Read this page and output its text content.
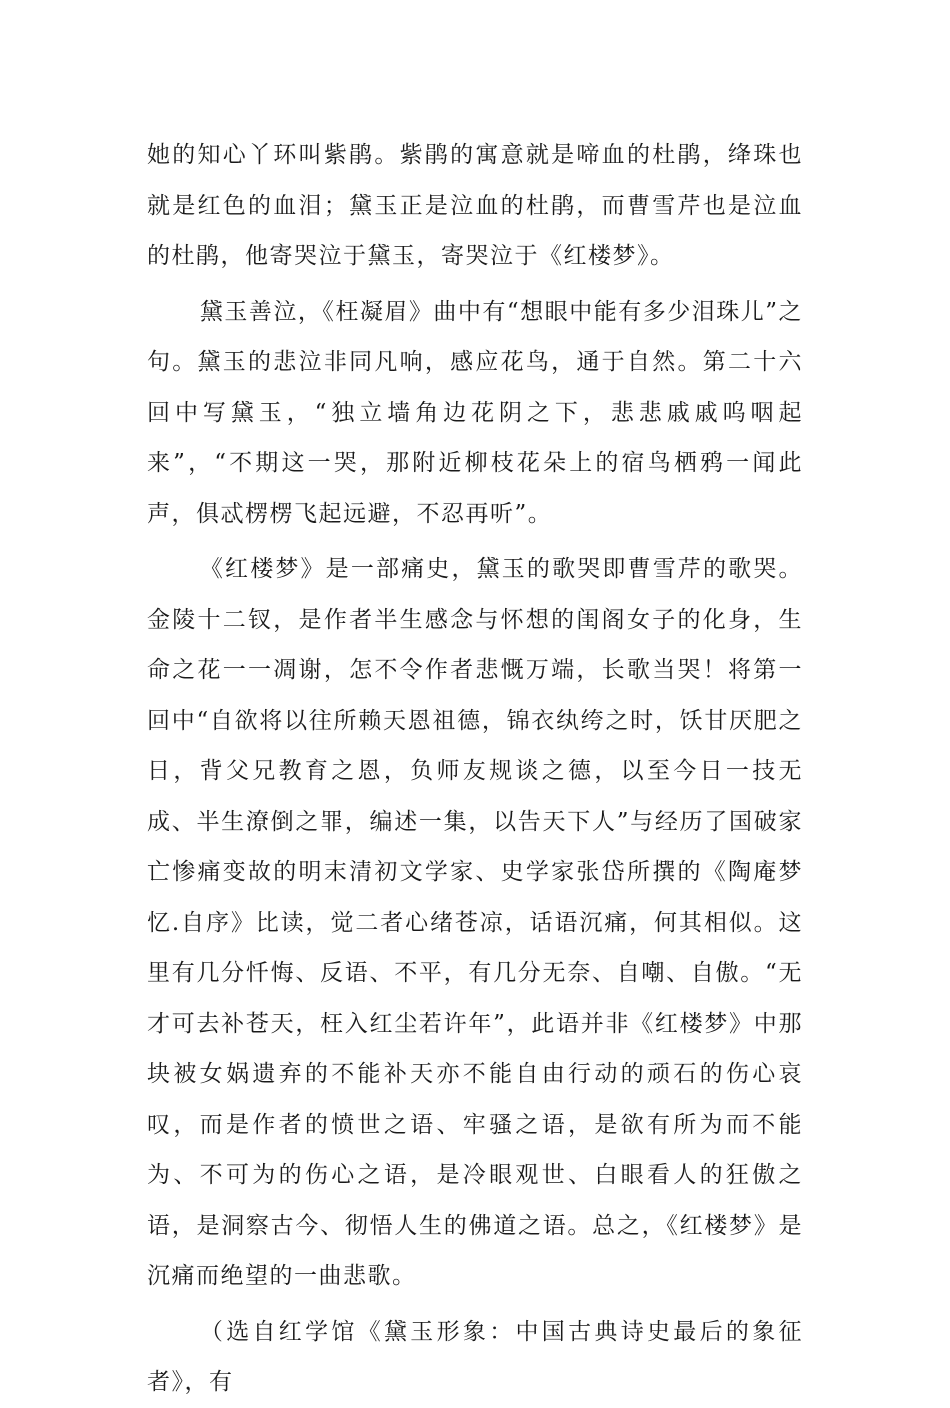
她的知心丫环叫紫鹃。紫鹃的寓意就是啼血的杜鹃，绛珠也就是红色的血泪；黛玉正是泣血的杜鹃，而曹雪芹也是泣血的杜鹃，他寄哭泣于黛玉，寄哭泣于《红楼梦》。

黛玉善泣，《枉凝眉》曲中有“想眼中能有多少泪珠儿”之句。黛玉的悲泣非同凡响，感应花鸟，通于自然。第二十六回中写黛玉，“独立墙角边花阴之下，悲悲戚戚呜咽起来”，“不期这一哭，那附近柳枝花朵上的宿鸟栖鸦一闻此声，俱忒楞楞飞起远避，不忍再听”。

《红楼梦》是一部痛史，黛玉的歌哭即曹雪芹的歌哭。金陵十二钗，是作者半生感念与怀想的闺阁女子的化身，生命之花一一凋谢，怎不令作者悲慨万端，长歌当哭！将第一回中“自欲将以往所赖天恩祖德，锦衣纨绔之时，饫甘厌肥之日，背父兄教育之恩，负师友规谈之德，以至今日一技无成、半生潦倒之罪，编述一集，以告天下人”与经历了国破家亡惨痛变故的明末清初文学家、史学家张岱所撰的《陶庵梦忆.自序》比读，觉二者心绪苍凉，话语沉痛，何其相似。这里有几分忏悔、反语、不平，有几分无奈、自嘲、自傲。“无才可去补苍天，枉入红尘若许年”，此语并非《红楼梦》中那块被女娲遗弃的不能补天亦不能自由行动的顽石的伤心哀叹，而是作者的愤世之语、牢骚之语，是欲有所为而不能为、不可为的伤心之语，是冷眼观世、白眼看人的狂傲之语，是洞察古今、彻悟人生的佛道之语。总之，《红楼梦》是沉痛而绝望的一曲悲歌。

（选自红学馆《黛玉形象：中国古典诗史最后的象征者》，有
